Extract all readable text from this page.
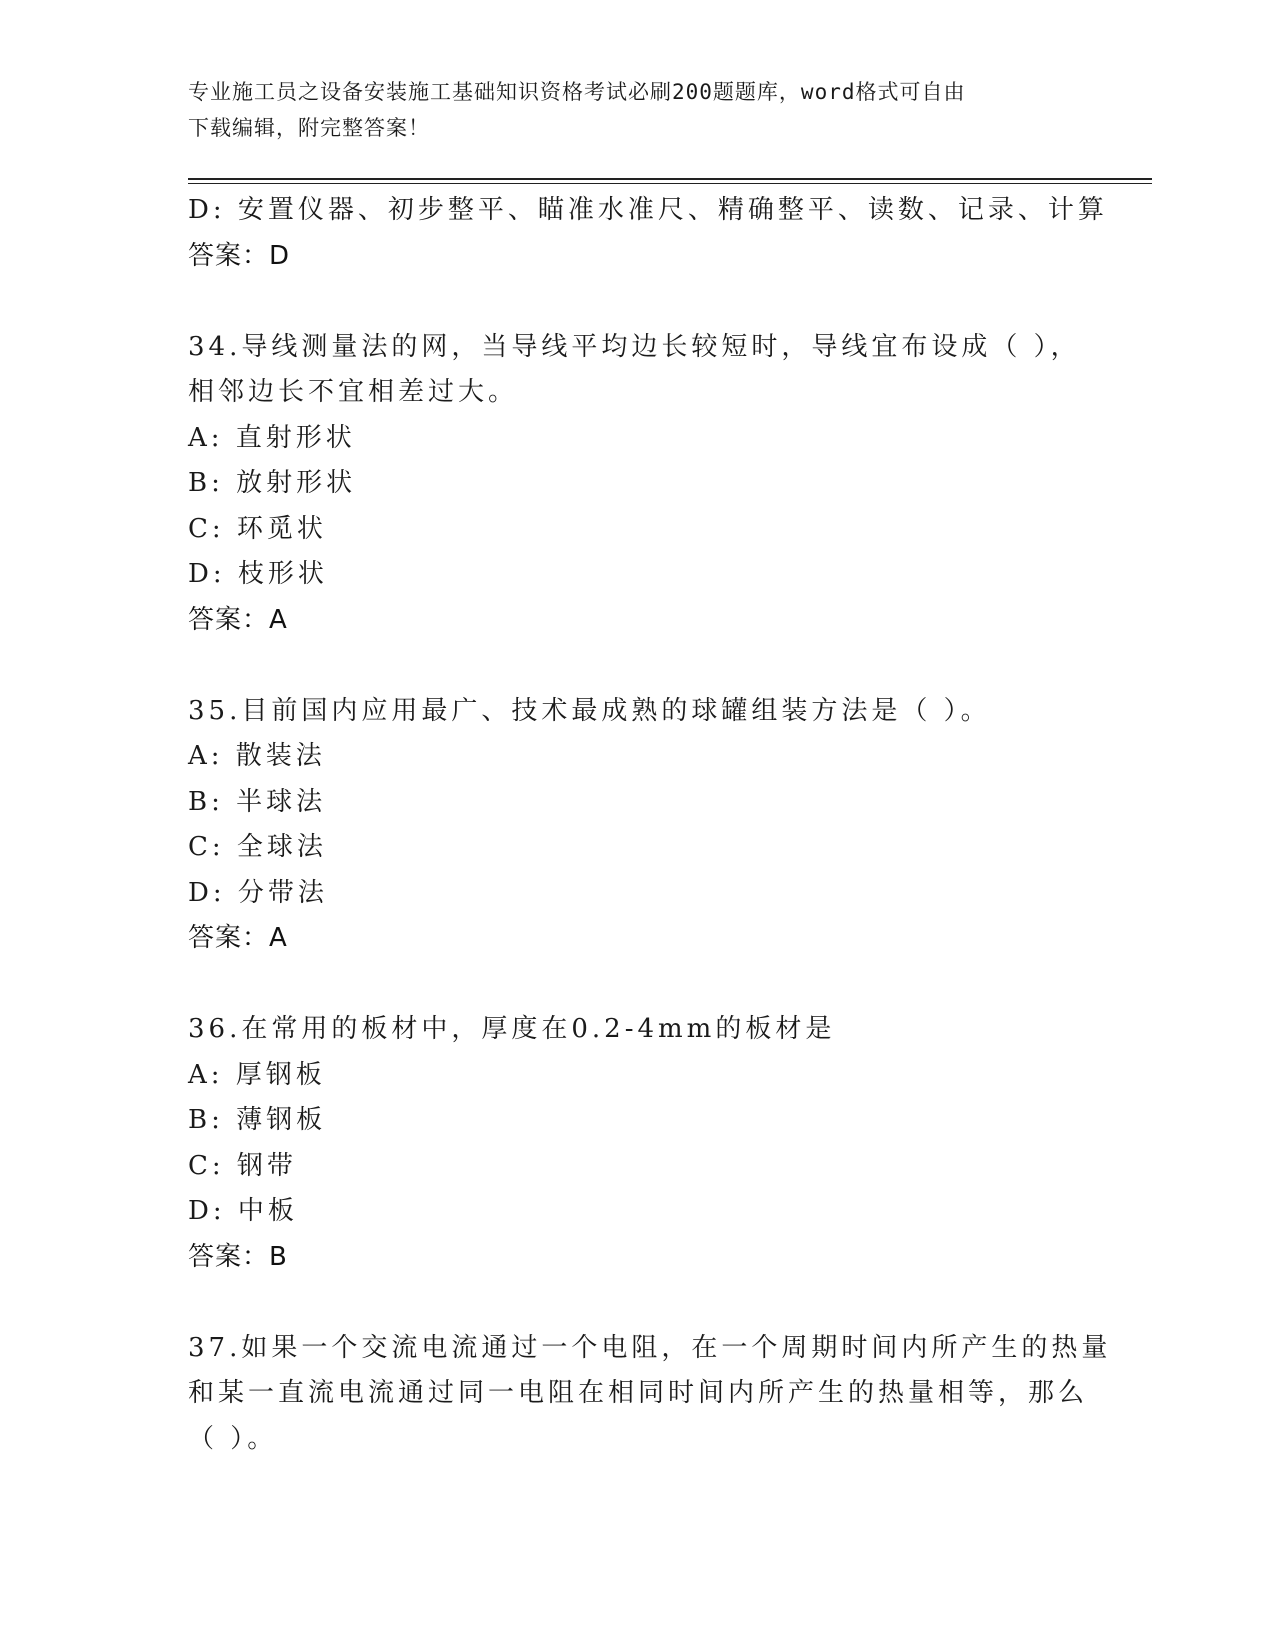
专业施工员之设备安装施工基础知识资格考试必刷200题题库，word格式可自由
下载编辑，附完整答案！
D: 安置仪器、初步整平、瞄准水准尺、精确整平、读数、记录、计算
答案：D
34.导线测量法的网，当导线平均边长较短时，导线宜布设成（ ），
相邻边长不宜相差过大。
A: 直射形状
B: 放射形状
C: 环觅状
D: 枝形状
答案：A
35.目前国内应用最广、技术最成熟的球罐组装方法是（ ）。
A: 散装法
B: 半球法
C: 全球法
D: 分带法
答案：A
36.在常用的板材中，厚度在0.2-4mm的板材是
A: 厚钢板
B: 薄钢板
C: 钢带
D: 中板
答案：B
37.如果一个交流电流通过一个电阻，在一个周期时间内所产生的热量
和某一直流电流通过同一电阻在相同时间内所产生的热量相等，那么
（ ）。
